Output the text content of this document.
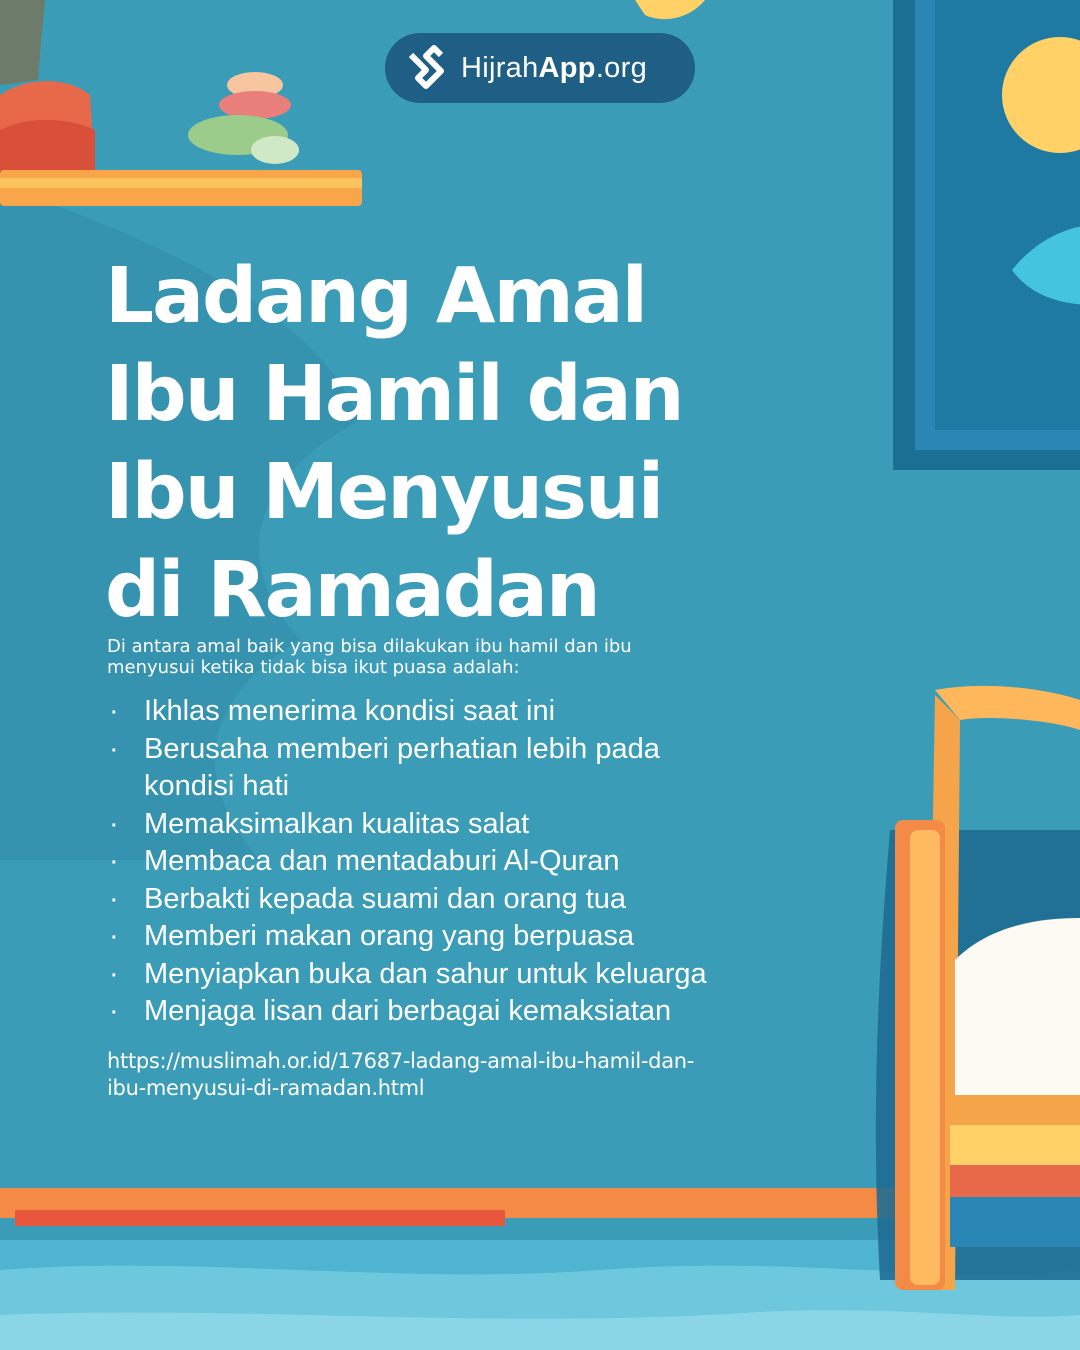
HijrahApp.org
Ladang Amal
Ibu Hamil dan
Ibu Menyusui
di Ramadan

Di antara amal baik yang bisa dilakukan ibu hamil dan ibu menyusui ketika tidak bisa ikut puasa adalah:

· Ikhlas menerima kondisi saat ini
· Berusaha memberi perhatian lebih pada kondisi hati
· Memaksimalkan kualitas salat
· Membaca dan mentadaburi Al-Quran
· Berbakti kepada suami dan orang tua
· Memberi makan orang yang berpuasa
· Menyiapkan buka dan sahur untuk keluarga
· Menjaga lisan dari berbagai kemaksiatan

https://muslimah.or.id/17687-ladang-amal-ibu-hamil-dan-ibu-menyusui-di-ramadan.html
